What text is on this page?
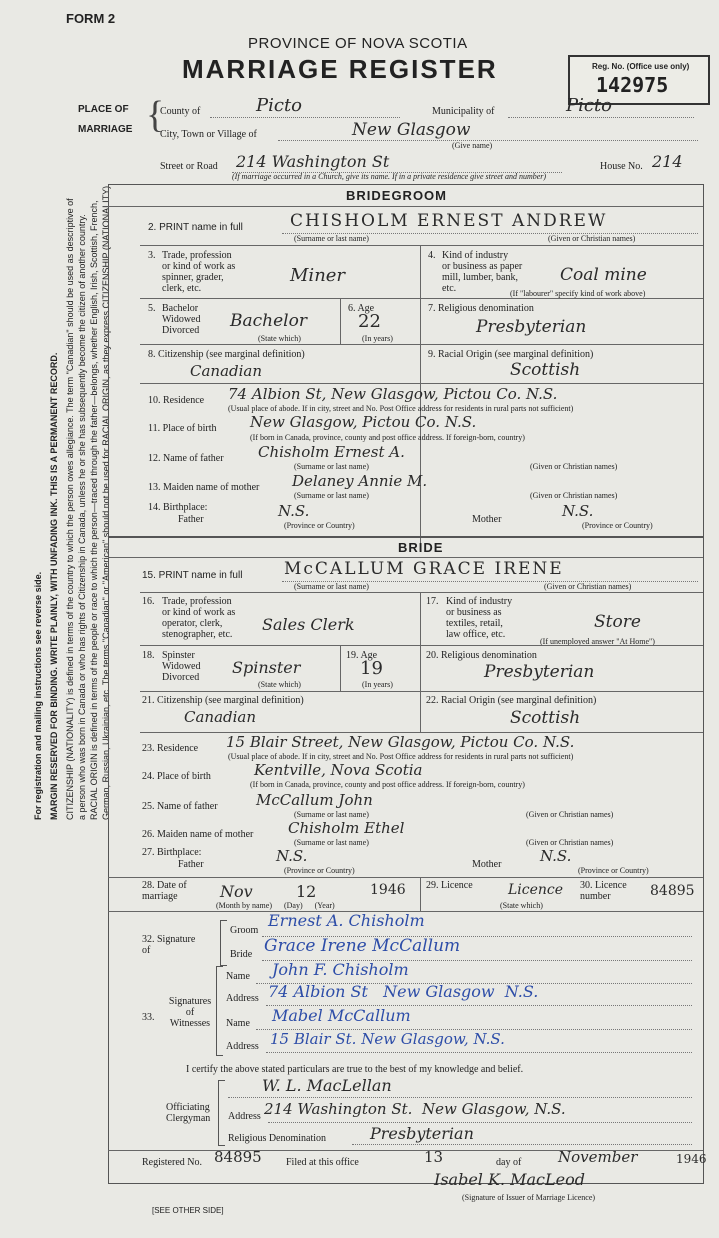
For registration and mailing instructions see reverse side. MARGIN RESERVED FOR BINDING. WRITE PLAINLY, WITH UNFADING INK. THIS IS A PERMANENT RECORD. CITIZENSHIP (NATIONALITY) is defined in terms of the country to which the person owes allegiance. The term "Canadian" should be used as descriptive of a person who was born in Canada or who has rights of Citizenship in Canada, unless he or she has subsequently become the citizen of another country. RACIAL ORIGIN is defined in terms of the people or race to which the person—traced through the father—belongs, whether English, Irish, Scottish, French, German, Russian, Ukrainian, etc. The terms "Canadian" or "American" should not be used for RACIAL ORIGIN, as they express CITIZENSHIP (NATIONALITY).
FORM 2
PROVINCE OF NOVA SCOTIA
MARRIAGE REGISTER	Reg. No. (Office use only)
142975
PLACE OF
MARRIAGE {
County of	Picto	Municipality of	Picto
City, Town or Village of	New Glasgow
(Give name)
Street or Road 214 Washington St	House No. 214
(If marriage occurred in a Church, give its name. If in a private residence give street and number)
BRIDEGROOM
2. PRINT name in full	CHISHOLM ERNEST ANDREW
(Surname or last name)	(Given or Christian names)
3. Trade, profession
or kind of work as
spinner, grader,
clerk, etc.
Miner
4. Kind of industry
or business as paper
mill, lumber, bank,
etc.
Coal mine
(If "labourer" specify kind of work above)
5. Bachelor
Widowed
Divorced Bachelor
(State which)
6. Age
22
(In years)
7. Religious denomination
Presbyterian
8. Citizenship (see marginal definition)
Canadian
9. Racial Origin (see marginal definition)
Scottish
10. Residence 74 Albion St, New Glasgow, Pictou Co. N.S.
(Usual place of abode. If in city, street and No. Post Office address for residents in rural parts not sufficient)
11. Place of birth New Glasgow, Pictou Co. N.S.
(If born in Canada, province, county and post office address. If foreign-born, country)
12. Name of father Chisholm Ernest A.
(Surname or last name)	(Given or Christian names)
13. Maiden name of mother Delaney Annie M.
(Surname or last name)	(Given or Christian names)
14. Birthplace:
Father	N.S.
(Province or Country)
Mother	N.S.
(Province or Country)
BRIDE
15. PRINT name in full McCALLUM GRACE IRENE
(Surname or last name)	(Given or Christian names)
16. Trade, profession
or kind of work as
operator, clerk,
stenographer, etc.
Sales Clerk
17. Kind of industry
or business as
textiles, retail,
law office, etc.
Store
(If unemployed answer "At Home")
18. Spinster
Widowed
Divorced
Spinster
(State which)
19. Age
19
(In years)
20. Religious denomination
Presbyterian
21. Citizenship (see marginal definition)
Canadian
22. Racial Origin (see marginal definition)
Scottish
23. Residence 15 Blair Street, New Glasgow, Pictou Co. N.S.
(Usual place of abode. If in city, street and No. Post Office address for residents in rural parts not sufficient)
24. Place of birth	Kentville, Nova Scotia
(If born in Canada, province, county and post office address. If foreign-born, country)
25. Name of father	McCallum John
(Surname or last name)	(Given or Christian names)
26. Maiden name of mother Chisholm Ethel
(Surname or last name)	(Given or Christian names)
27. Birthplace:
Father	N.S.
(Province or Country)
Mother	N.S.
(Province or Country)
28. Date of marriage	Nov	12	1946
(Month by name)      (Day)      (Year)
29. Licence	Licence
(State which)
30. Licence number	84895
32. Signature of
Groom
Ernest A. Chisholm
Bride Grace Irene McCallum
33.
Signatures
of
Witnesses
Name John F. Chisholm
Address 74 Albion St   New Glasgow  N.S.
Name Mabel McCallum
Address 15 Blair St. New Glasgow, N.S.
I certify the above stated particulars are true to the best of my knowledge and belief.
Officiating
Clergyman
W. L. MacLellan
Address 214 Washington St.  New Glasgow, N.S.
Religious Denomination	Presbyterian
Registered No. 84895 Filed at this office	13	day of November	1946
Isabel K. MacLeod
(Signature of Issuer of Marriage Licence)
[SEE OTHER SIDE]
